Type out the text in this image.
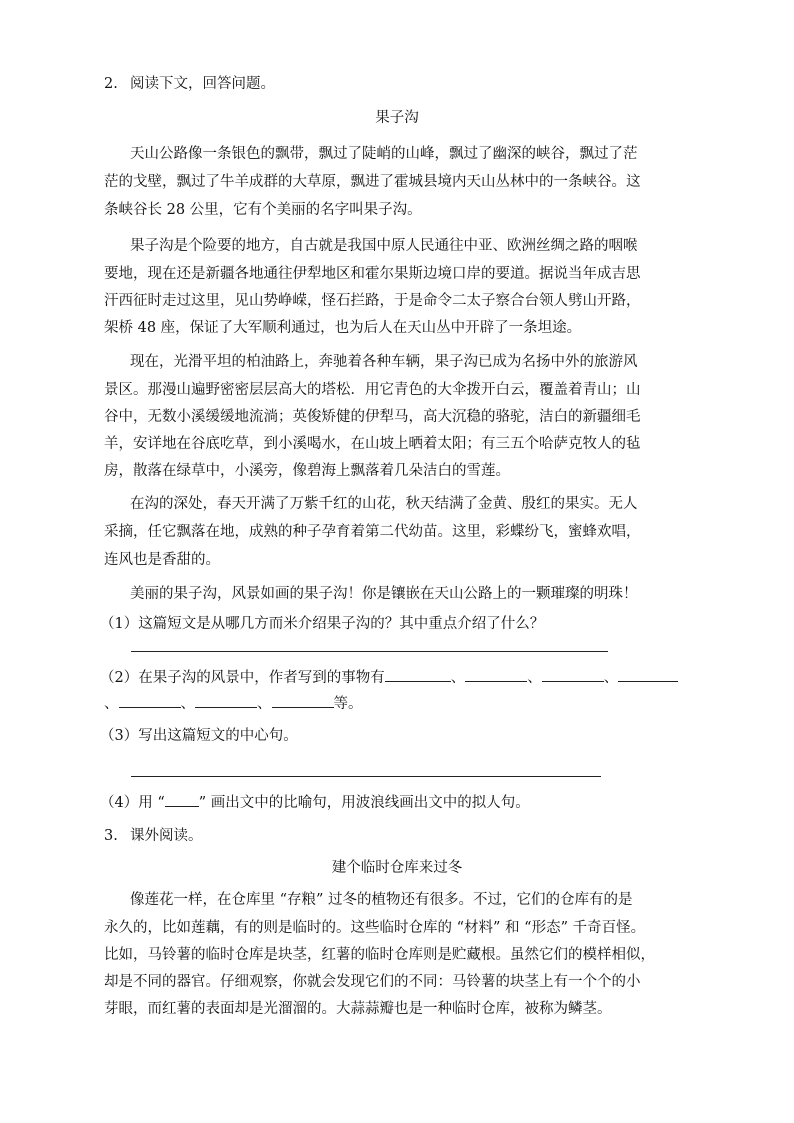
2. 阅读下文，回答问题。
果子沟
天山公路像一条银色的飘带，飘过了陡峭的山峰，飘过了幽深的峡谷，飘过了茫
茫的戈壁，飘过了牛羊成群的大草原，飘进了霍城县境内天山丛林中的一条峡谷。这
条峡谷长 28 公里，它有个美丽的名字叫果子沟。
果子沟是个险要的地方，自古就是我国中原人民通往中亚、欧洲丝绸之路的咽喉
要地，现在还是新疆各地通往伊犁地区和霍尔果斯边境口岸的要道。据说当年成吉思
汗西征时走过这里，见山势峥嵘，怪石拦路，于是命令二太子察合台领人劈山开路，
架桥 48 座，保证了大军顺利通过，也为后人在天山丛中开辟了一条坦途。
现在，光滑平坦的柏油路上，奔驰着各种车辆，果子沟已成为名扬中外的旅游风
景区。那漫山遍野密密层层高大的塔松．用它青色的大伞拨开白云，覆盖着青山；山
谷中，无数小溪缓缓地流淌；英俊矫健的伊犁马，高大沉稳的骆驼，洁白的新疆细毛
羊，安详地在谷底吃草，到小溪喝水，在山坡上晒着太阳；有三五个哈萨克牧人的毡
房，散落在绿草中，小溪旁，像碧海上飘落着几朵洁白的雪莲。
在沟的深处，春天开满了万紫千红的山花，秋天结满了金黄、殷红的果实。无人
采摘，任它飘落在地，成熟的种子孕育着第二代幼苗。这里，彩蝶纷飞，蜜蜂欢唱，
连风也是香甜的。
美丽的果子沟，风景如画的果子沟！你是镶嵌在天山公路上的一颗璀璨的明珠！
（1）这篇短文是从哪几方而米介绍果子沟的？其中重点介绍了什么？
（2）在果子沟的风景中，作者写到的事物有	、	、	、
、	、	、	等。
（3）写出这篇短文的中心句。
（4）用 “ ” 画出文中的比喻句，用波浪线画出文中的拟人句。
3. 课外阅读。
建个临时仓库来过冬
像莲花一样，在仓库里 “存粮” 过冬的植物还有很多。不过，它们的仓库有的是
永久的，比如莲藕，有的则是临时的。这些临时仓库的 “材料” 和 “形态” 千奇百怪。
比如，马铃薯的临时仓库是块茎，红薯的临时仓库则是贮藏根。虽然它们的模样相似，
却是不同的器官。仔细观察，你就会发现它们的不同：马铃薯的块茎上有一个个的小
芽眼，而红薯的表面却是光溜溜的。大蒜蒜瓣也是一种临时仓库，被称为鳞茎。
